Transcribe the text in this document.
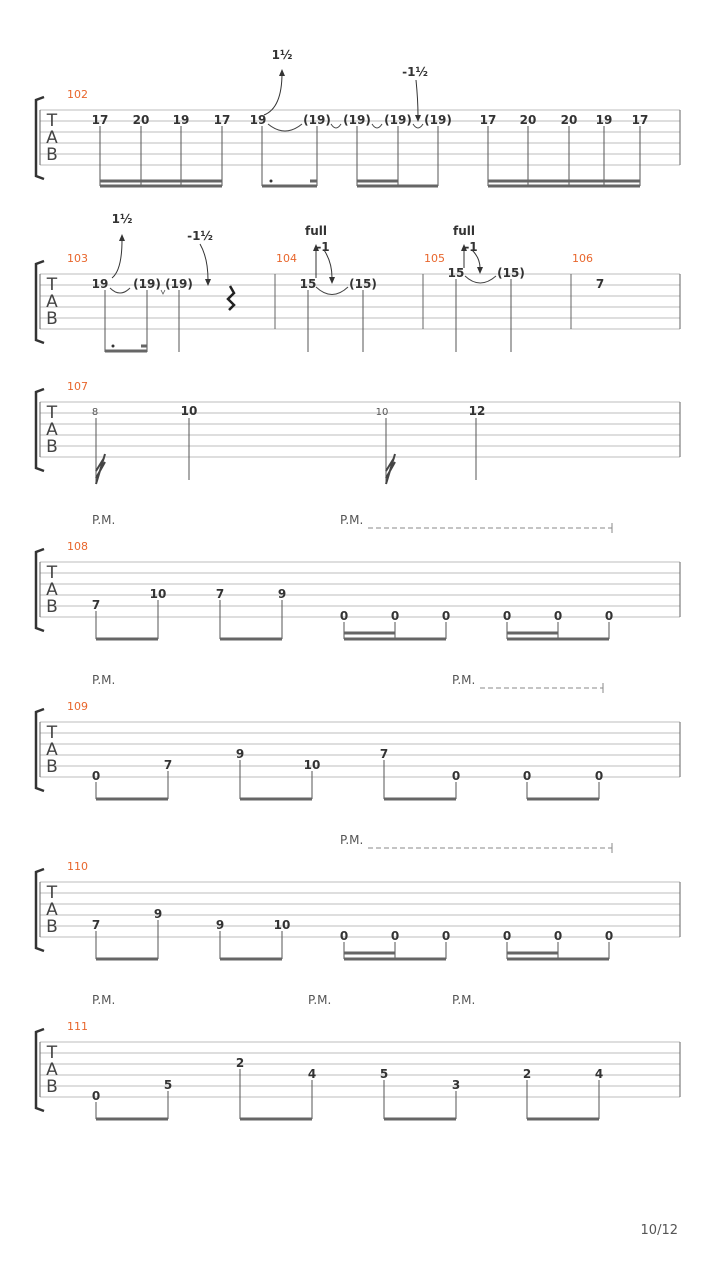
T
A
B
102
1½
-1½
17 20 19 17 19	(19) (19) (19) (19) 17 20 20 19 17
T
A
B
103	104	105	106
1½
-1½	full
-1
full
-1
19 (19) (19)	15	(15)
15	(15)
7
T
A
B
107
8	10	10	12
P.M.	P.M.
T
A
B
108
7
10	7	9
0	0	0	0	0	0
P.M.	P.M.
T
A
B
109
0
7
9
10
7
0	0	0
P.M.
T
A
B
110
7
9
9	10
0	0	0	0	0	0
P.M.	P.M.	P.M.
T
A
B
111
0
5
2
4	5
3
2	4
10/12
